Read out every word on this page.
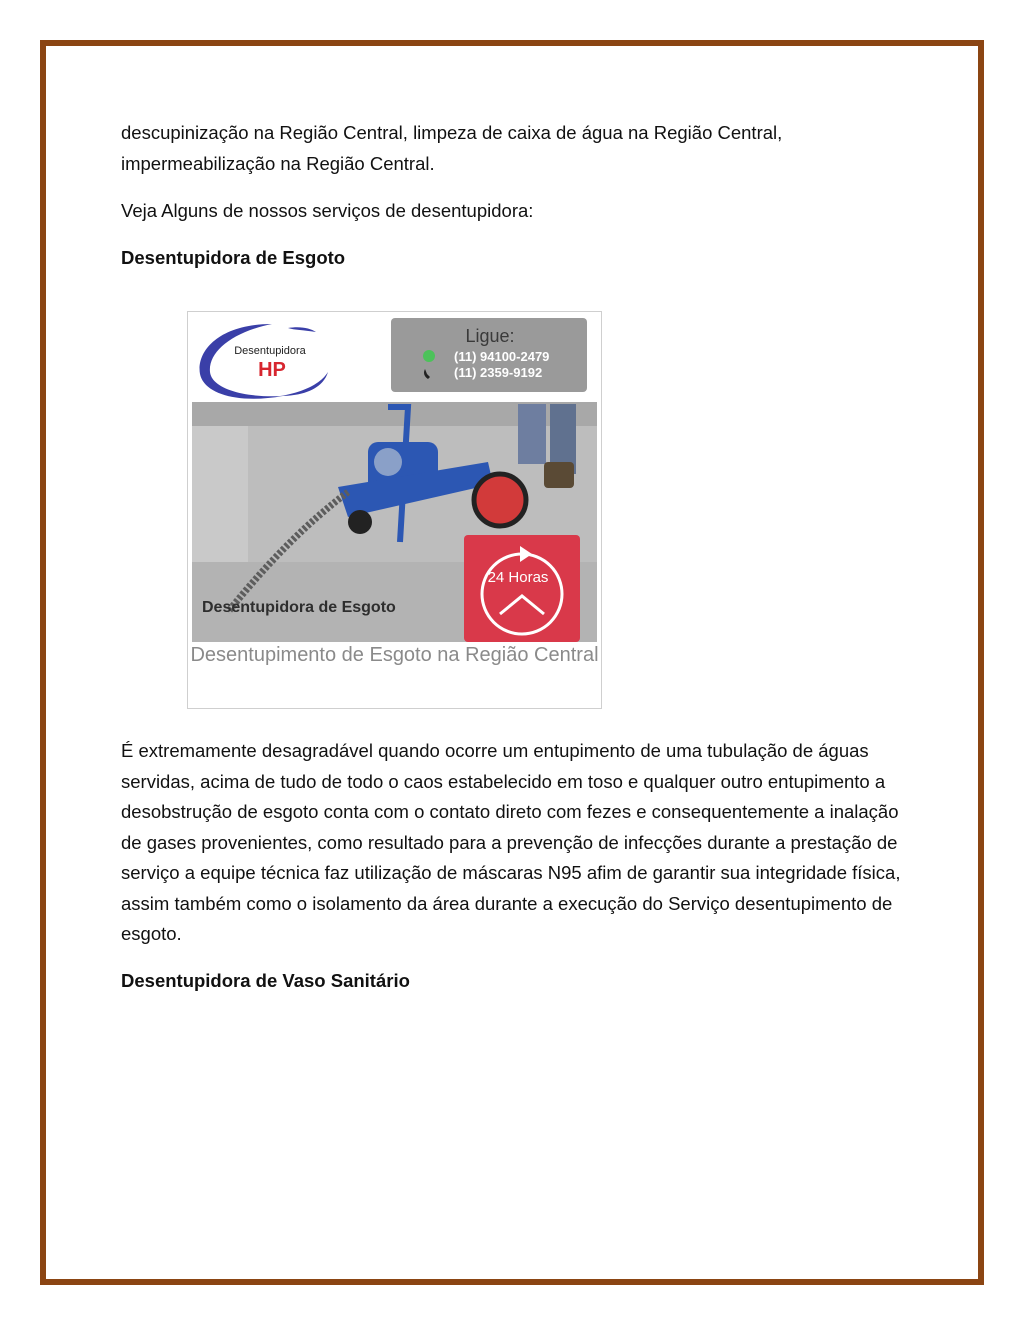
descupinização na Região Central, limpeza de caixa de água na Região Central, impermeabilização na Região Central.

Veja Alguns de nossos serviços de desentupidora:

Desentupidora de Esgoto

Desentupidora
HP
Ligue:
(11) 94100-2479
(11) 2359-9192
Desentupidora de Esgoto
24 Horas
Desentupimento de Esgoto na Região Central

É extremamente desagradável quando ocorre um entupimento de uma tubulação de águas servidas, acima de tudo de todo o caos estabelecido em toso e qualquer outro entupimento a desobstrução de esgoto conta com o contato direto com fezes e consequentemente a inalação de gases provenientes, como resultado para a prevenção de infecções durante a prestação de serviço a equipe técnica faz utilização de máscaras N95 afim de garantir sua integridade física, assim também como o isolamento da área durante a execução do Serviço desentupimento de esgoto.

Desentupidora de Vaso Sanitário
